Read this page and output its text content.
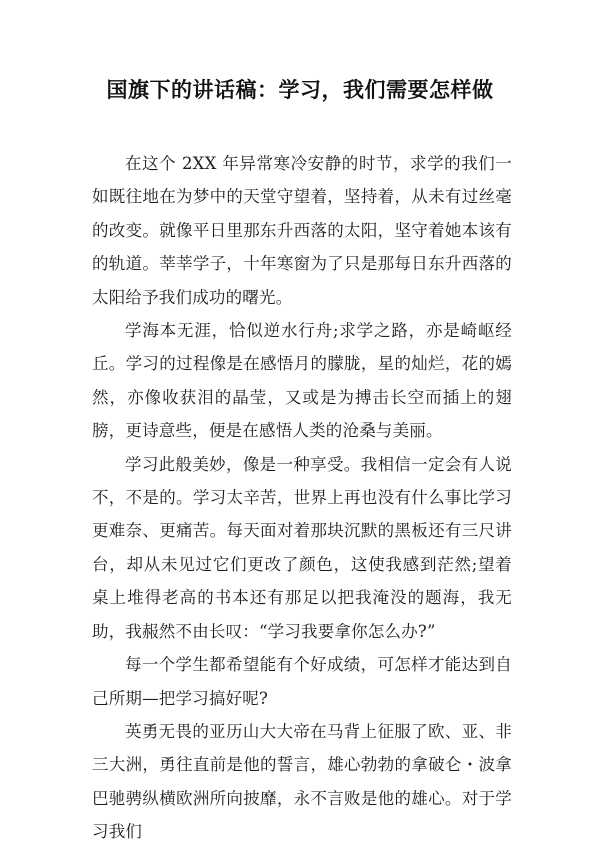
国旗下的讲话稿：学习，我们需要怎样做

在这个 2XX 年异常寒冷安静的时节，求学的我们一如既往地在为梦中的天堂守望着，坚持着，从未有过丝毫的改变。就像平日里那东升西落的太阳，坚守着她本该有的轨道。莘莘学子，十年寒窗为了只是那每日东升西落的太阳给予我们成功的曙光。

学海本无涯，恰似逆水行舟;求学之路，亦是崎岖经丘。学习的过程像是在感悟月的朦胧，星的灿烂，花的嫣然，亦像收获泪的晶莹，又或是为搏击长空而插上的翅膀，更诗意些，便是在感悟人类的沧桑与美丽。

学习此般美妙，像是一种享受。我相信一定会有人说不，不是的。学习太辛苦，世界上再也没有什么事比学习更难奈、更痛苦。每天面对着那块沉默的黑板还有三尺讲台，却从未见过它们更改了颜色，这使我感到茫然;望着桌上堆得老高的书本还有那足以把我淹没的题海，我无助，我赧然不由长叹：“学习我要拿你怎么办?”

每一个学生都希望能有个好成绩，可怎样才能达到自己所期—把学习搞好呢?

英勇无畏的亚历山大大帝在马背上征服了欧、亚、非三大洲，勇往直前是他的誓言，雄心勃勃的拿破仑・波拿巴驰骋纵横欧洲所向披靡，永不言败是他的雄心。对于学习我们
